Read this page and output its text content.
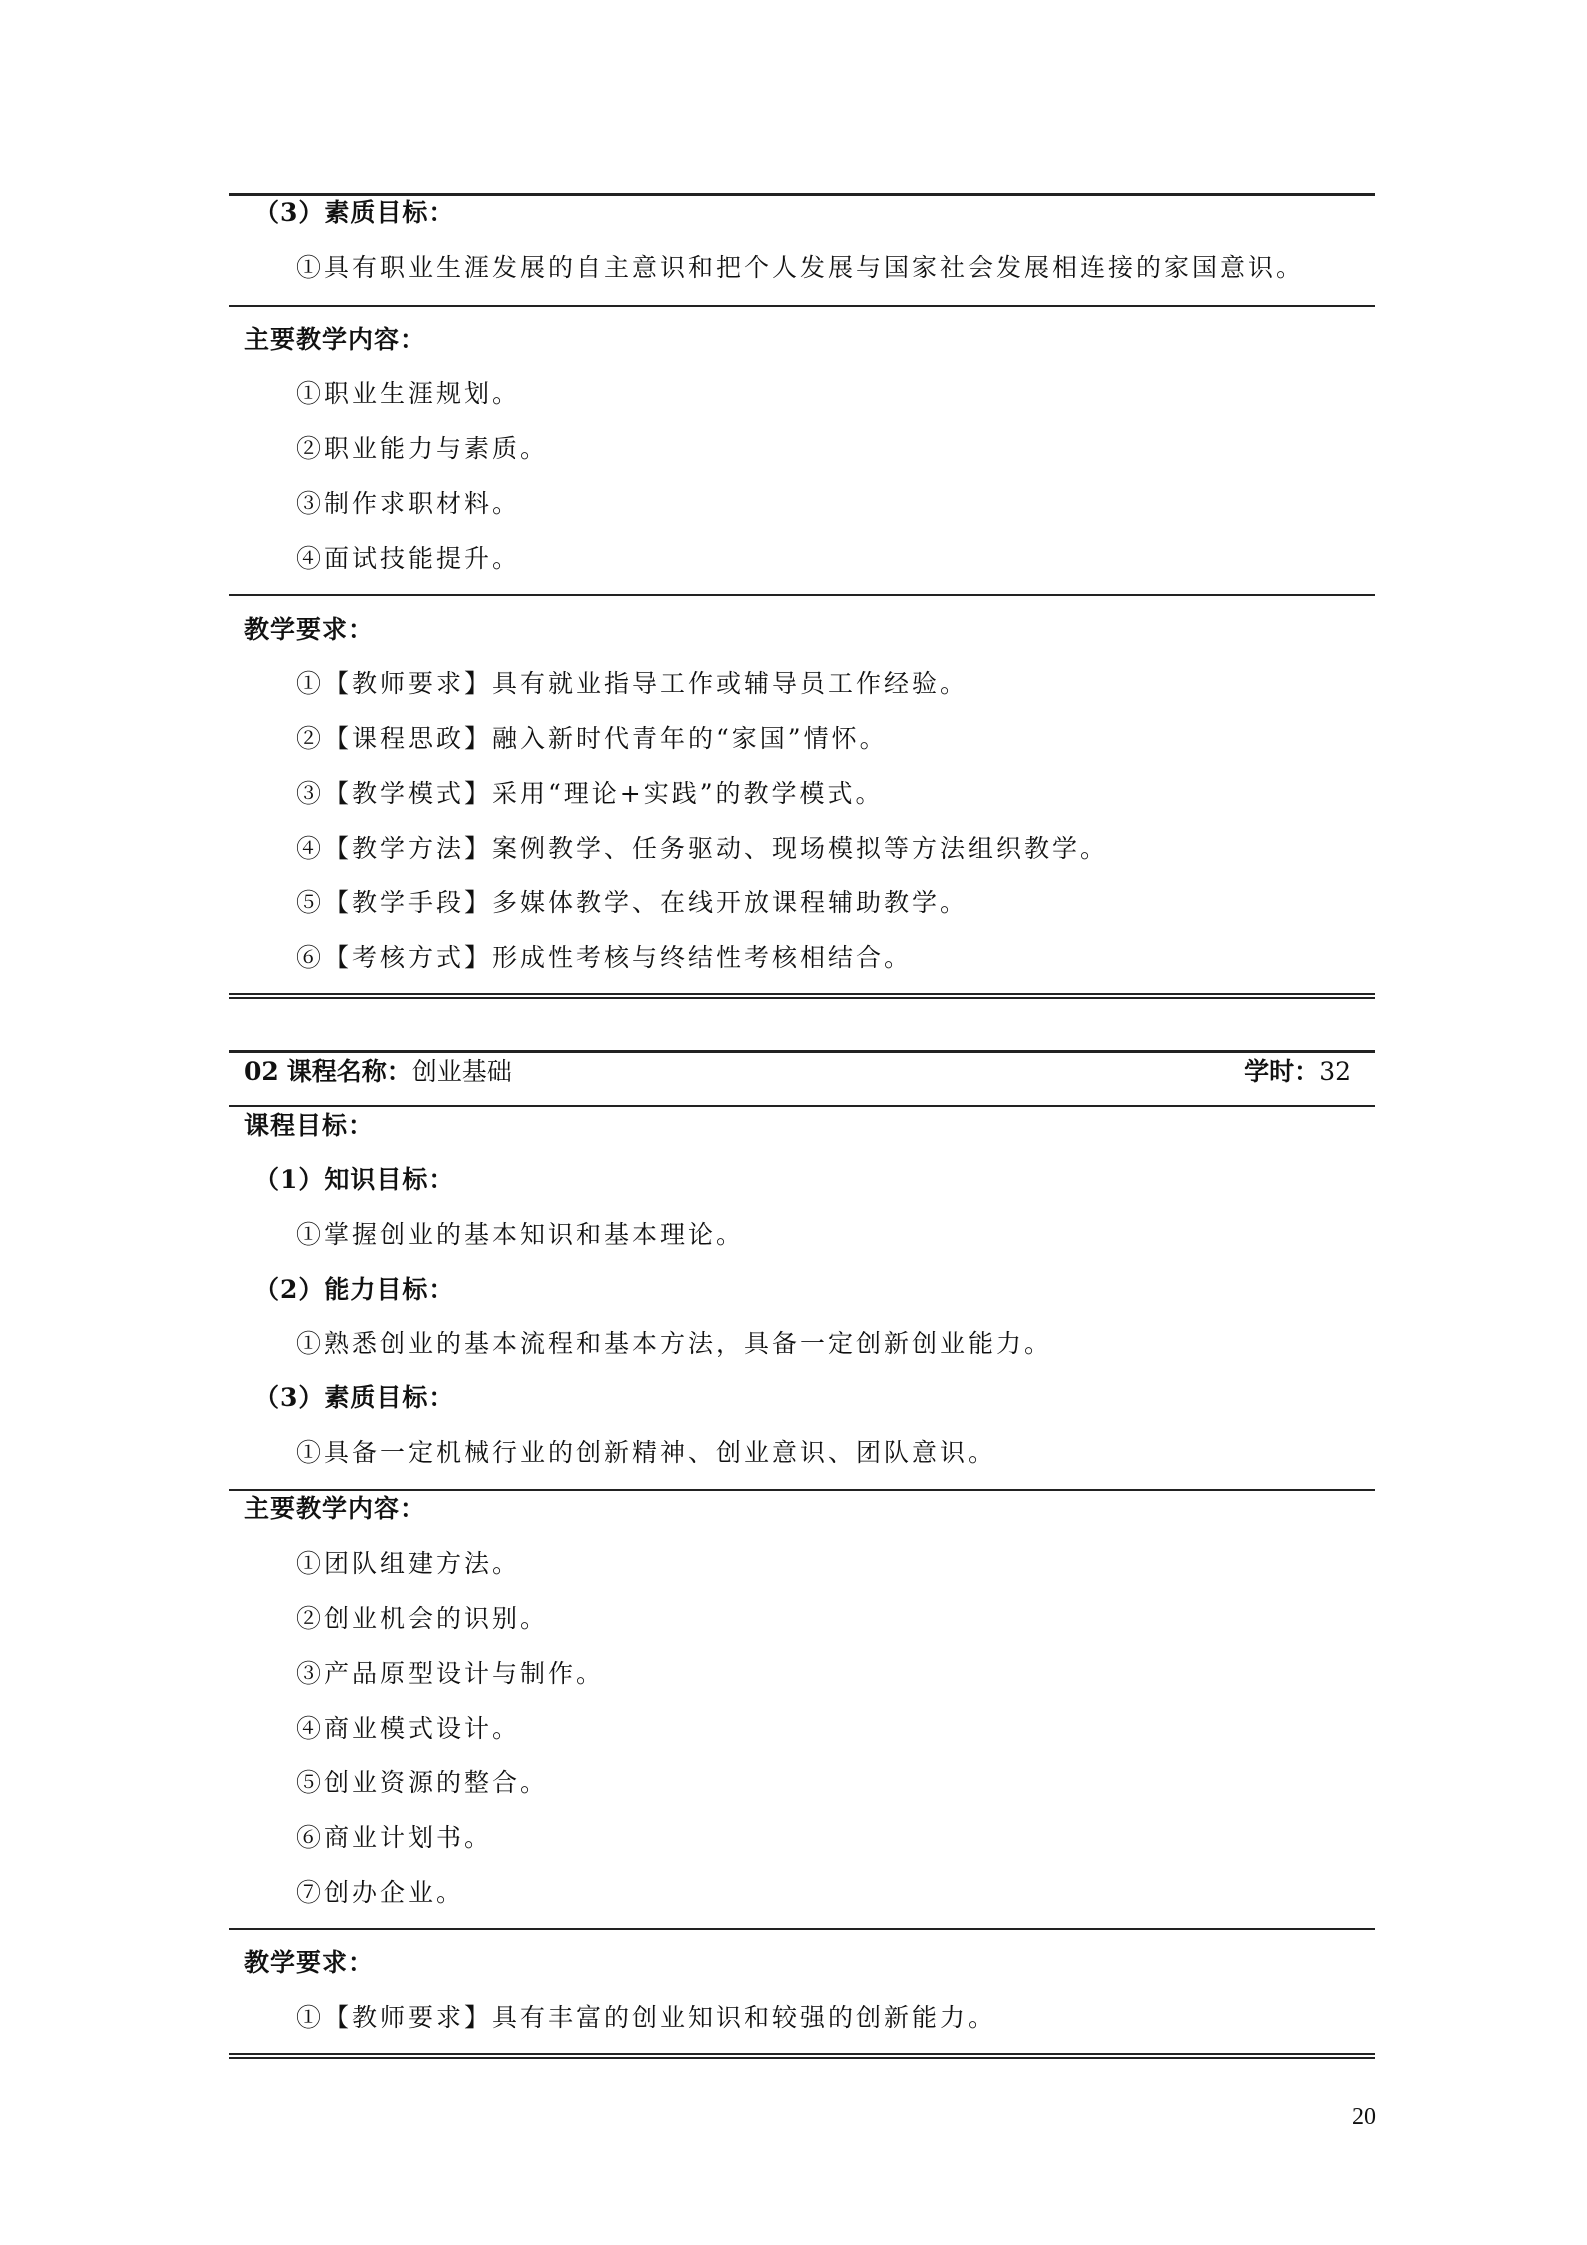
（3）素质目标：
①具有职业生涯发展的自主意识和把个人发展与国家社会发展相连接的家国意识。
主要教学内容：
①职业生涯规划。
②职业能力与素质。
③制作求职材料。
④面试技能提升。
教学要求：
①【教师要求】具有就业指导工作或辅导员工作经验。
②【课程思政】融入新时代青年的“家国”情怀。
③【教学模式】采用“理论+实践”的教学模式。
④【教学方法】案例教学、任务驱动、现场模拟等方法组织教学。
⑤【教学手段】多媒体教学、在线开放课程辅助教学。
⑥【考核方式】形成性考核与终结性考核相结合。
02 课程名称：创业基础	学时：32
课程目标：
（1）知识目标：
①掌握创业的基本知识和基本理论。
（2）能力目标：
①熟悉创业的基本流程和基本方法，具备一定创新创业能力。
（3）素质目标：
①具备一定机械行业的创新精神、创业意识、团队意识。
主要教学内容：
①团队组建方法。
②创业机会的识别。
③产品原型设计与制作。
④商业模式设计。
⑤创业资源的整合。
⑥商业计划书。
⑦创办企业。
教学要求：
①【教师要求】具有丰富的创业知识和较强的创新能力。
20
